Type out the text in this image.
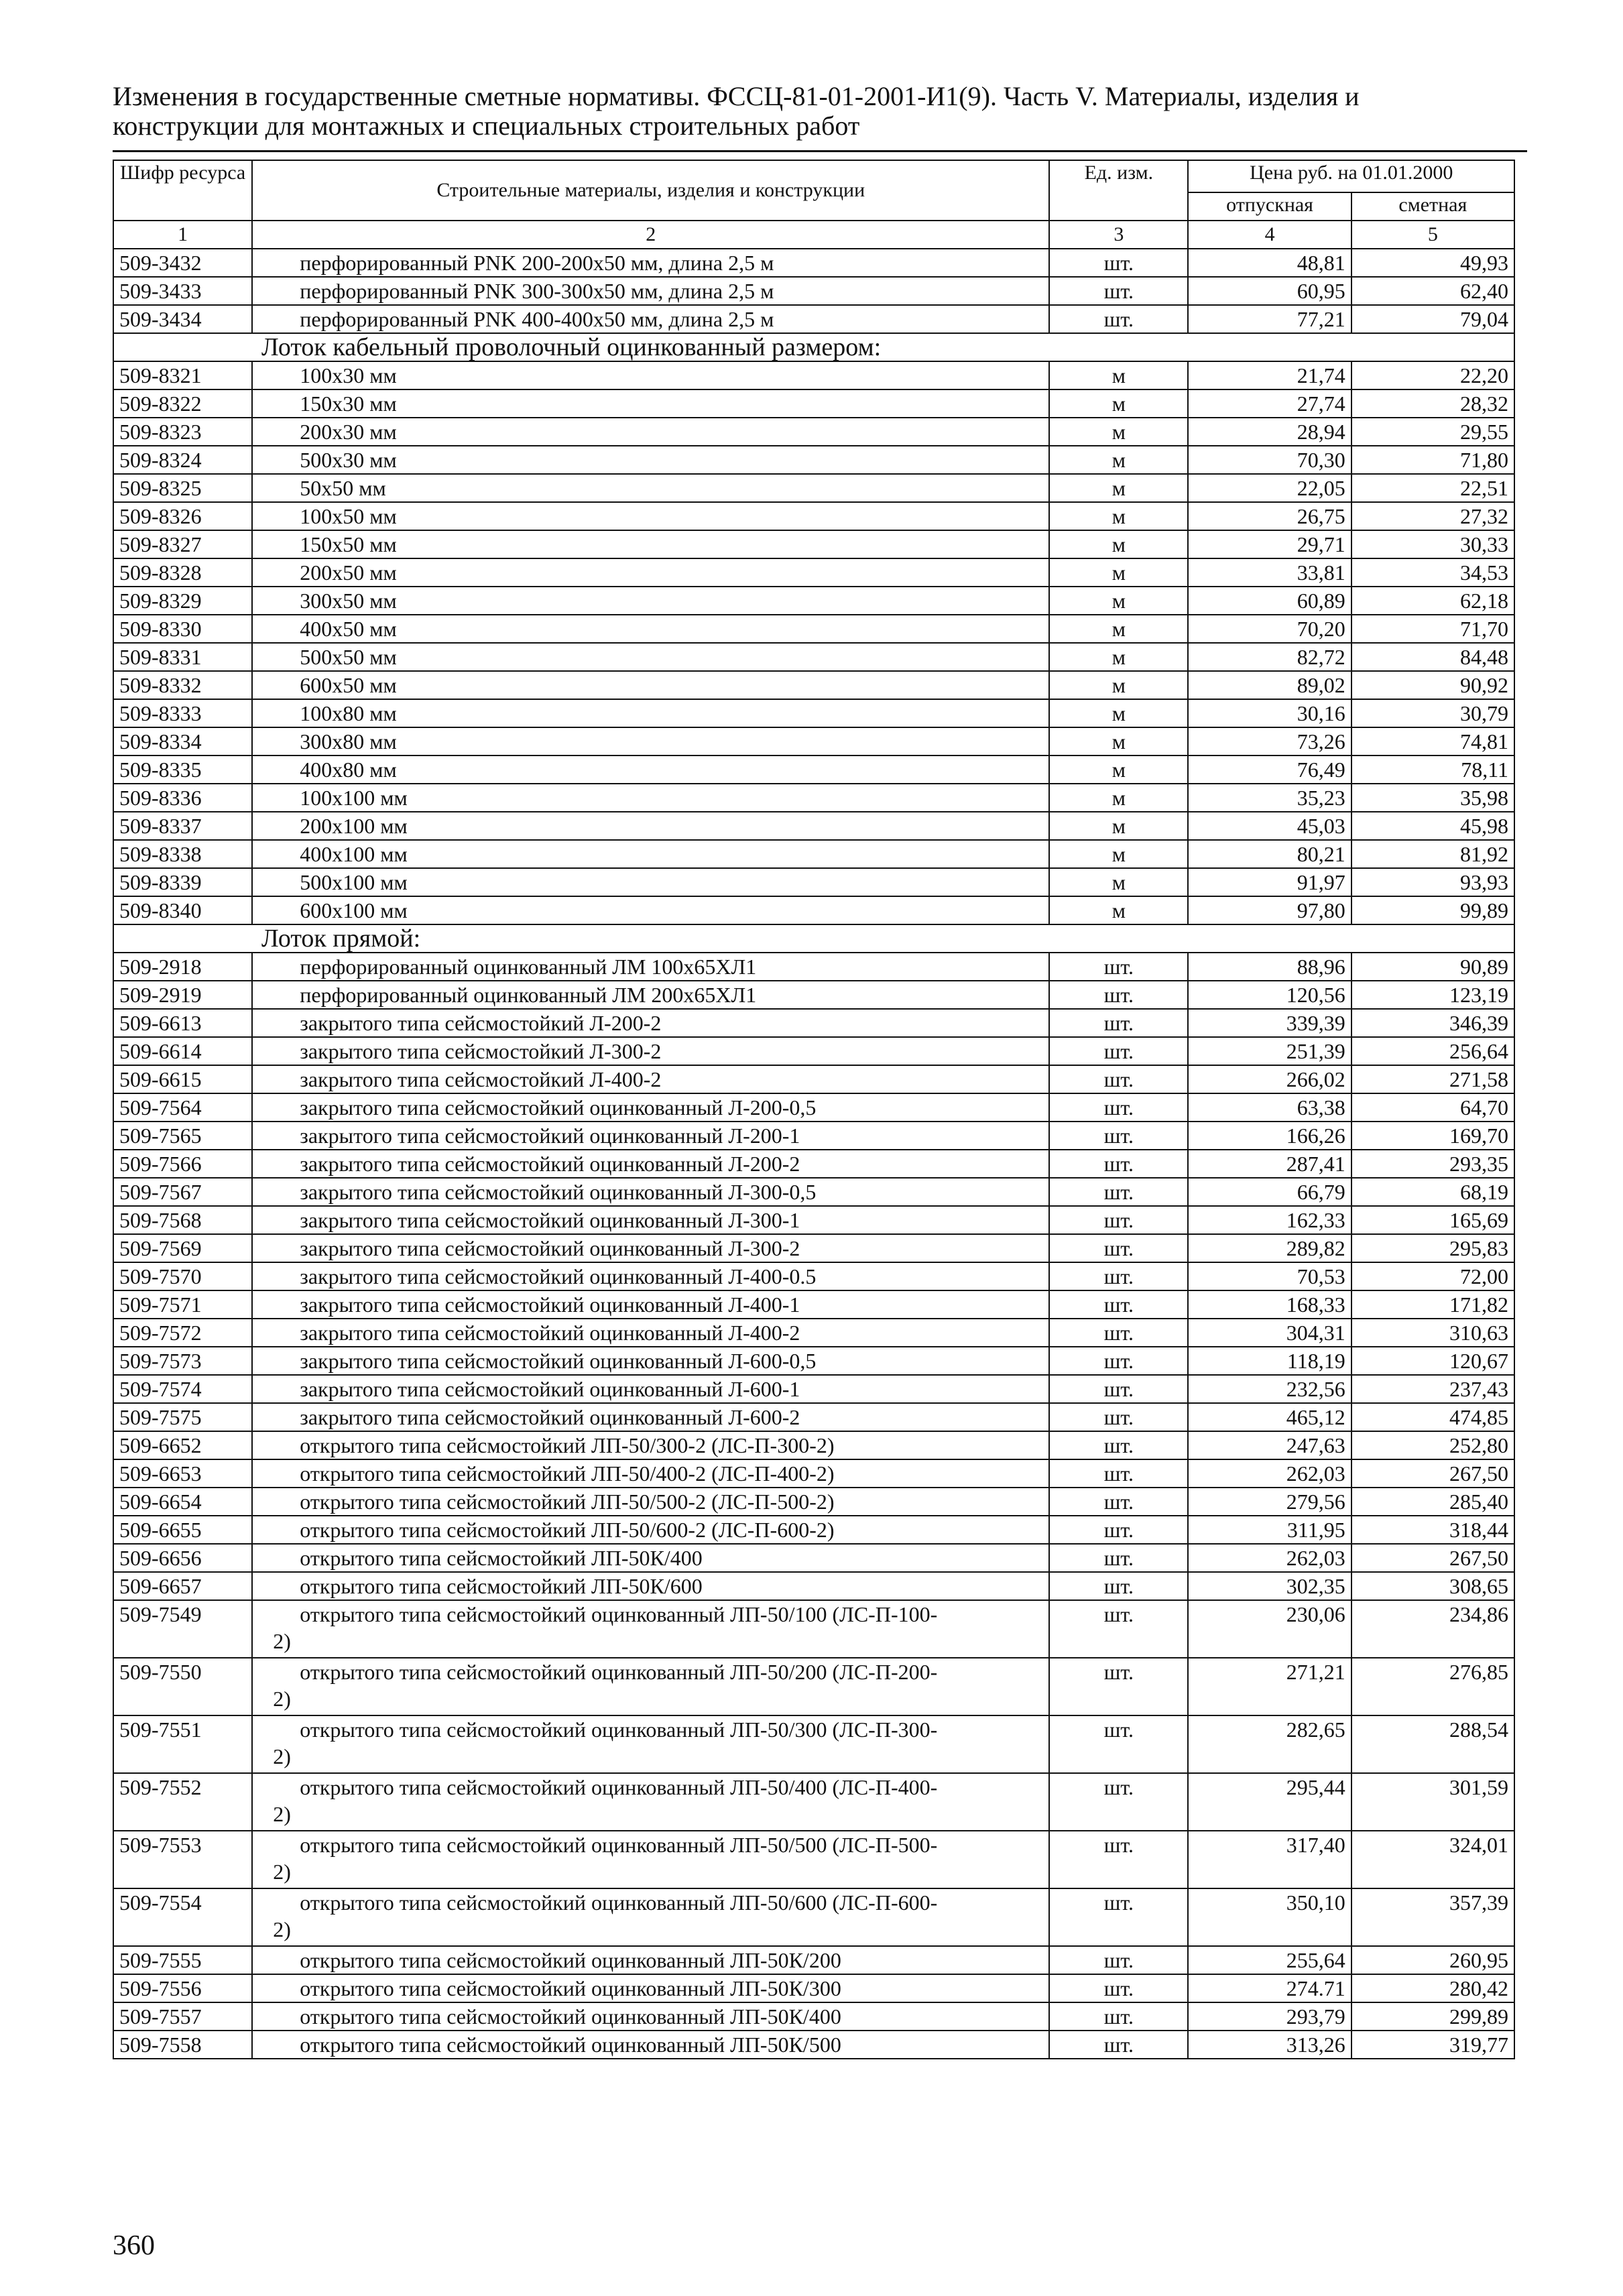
Изменения в государственные сметные нормативы. ФССЦ-81-01-2001-И1(9). Часть V. Материалы, изделия и
конструкции для монтажных и специальных строительных работ
Шифр ресурса	Строительные материалы, изделия и конструкции	Ед. изм.	Цена руб. на 01.01.2000	
			отпускная	сметная
1	2	3	4	5
509-3432	перфорированный PNK 200-200x50 мм, длина 2,5 м	шт.	48,81	49,93
509-3433	перфорированный PNK 300-300x50 мм, длина 2,5 м	шт.	60,95	62,40
509-3434	перфорированный PNK 400-400x50 мм, длина 2,5 м	шт.	77,21	79,04
Лоток кабельный проволочный оцинкованный размером:				
509-8321	100x30 мм	м	21,74	22,20
509-8322	150x30 мм	м	27,74	28,32
509-8323	200x30 мм	м	28,94	29,55
509-8324	500x30 мм	м	70,30	71,80
509-8325	50x50 мм	м	22,05	22,51
509-8326	100x50 мм	м	26,75	27,32
509-8327	150x50 мм	м	29,71	30,33
509-8328	200x50 мм	м	33,81	34,53
509-8329	300x50 мм	м	60,89	62,18
509-8330	400x50 мм	м	70,20	71,70
509-8331	500x50 мм	м	82,72	84,48
509-8332	600x50 мм	м	89,02	90,92
509-8333	100x80 мм	м	30,16	30,79
509-8334	300x80 мм	м	73,26	74,81
509-8335	400x80 мм	м	76,49	78,11
509-8336	100x100 мм	м	35,23	35,98
509-8337	200x100 мм	м	45,03	45,98
509-8338	400x100 мм	м	80,21	81,92
509-8339	500x100 мм	м	91,97	93,93
509-8340	600x100 мм	м	97,80	99,89
Лоток прямой:				
509-2918	перфорированный оцинкованный ЛМ 100x65ХЛ1	шт.	88,96	90,89
509-2919	перфорированный оцинкованный ЛМ 200x65ХЛ1	шт.	120,56	123,19
509-6613	закрытого типа сейсмостойкий Л-200-2	шт.	339,39	346,39
509-6614	закрытого типа сейсмостойкий Л-300-2	шт.	251,39	256,64
509-6615	закрытого типа сейсмостойкий Л-400-2	шт.	266,02	271,58
509-7564	закрытого типа сейсмостойкий оцинкованный Л-200-0,5	шт.	63,38	64,70
509-7565	закрытого типа сейсмостойкий оцинкованный Л-200-1	шт.	166,26	169,70
509-7566	закрытого типа сейсмостойкий оцинкованный Л-200-2	шт.	287,41	293,35
509-7567	закрытого типа сейсмостойкий оцинкованный Л-300-0,5	шт.	66,79	68,19
509-7568	закрытого типа сейсмостойкий оцинкованный Л-300-1	шт.	162,33	165,69
509-7569	закрытого типа сейсмостойкий оцинкованный Л-300-2	шт.	289,82	295,83
509-7570	закрытого типа сейсмостойкий оцинкованный Л-400-0.5	шт.	70,53	72,00
509-7571	закрытого типа сейсмостойкий оцинкованный Л-400-1	шт.	168,33	171,82
509-7572	закрытого типа сейсмостойкий оцинкованный Л-400-2	шт.	304,31	310,63
509-7573	закрытого типа сейсмостойкий оцинкованный Л-600-0,5	шт.	118,19	120,67
509-7574	закрытого типа сейсмостойкий оцинкованный Л-600-1	шт.	232,56	237,43
509-7575	закрытого типа сейсмостойкий оцинкованный Л-600-2	шт.	465,12	474,85
509-6652	открытого типа сейсмостойкий ЛП-50/300-2 (ЛС-П-300-2)	шт.	247,63	252,80
509-6653	открытого типа сейсмостойкий ЛП-50/400-2 (ЛС-П-400-2)	шт.	262,03	267,50
509-6654	открытого типа сейсмостойкий ЛП-50/500-2 (ЛС-П-500-2)	шт.	279,56	285,40
509-6655	открытого типа сейсмостойкий ЛП-50/600-2 (ЛС-П-600-2)	шт.	311,95	318,44
509-6656	открытого типа сейсмостойкий ЛП-50К/400	шт.	262,03	267,50
509-6657	открытого типа сейсмостойкий ЛП-50К/600	шт.	302,35	308,65
509-7549	открытого типа сейсмостойкий оцинкованный ЛП-50/100 (ЛС-П-100-
2)	шт.	230,06	234,86
509-7550	открытого типа сейсмостойкий оцинкованный ЛП-50/200 (ЛС-П-200-
2)	шт.	271,21	276,85
509-7551	открытого типа сейсмостойкий оцинкованный ЛП-50/300 (ЛС-П-300-
2)	шт.	282,65	288,54
509-7552	открытого типа сейсмостойкий оцинкованный ЛП-50/400 (ЛС-П-400-
2)	шт.	295,44	301,59
509-7553	открытого типа сейсмостойкий оцинкованный ЛП-50/500 (ЛС-П-500-
2)	шт.	317,40	324,01
509-7554	открытого типа сейсмостойкий оцинкованный ЛП-50/600 (ЛС-П-600-
2)	шт.	350,10	357,39
509-7555	открытого типа сейсмостойкий оцинкованный ЛП-50К/200	шт.	255,64	260,95
509-7556	открытого типа сейсмостойкий оцинкованный ЛП-50К/300	шт.	274.71	280,42
509-7557	открытого типа сейсмостойкий оцинкованный ЛП-50К/400	шт.	293,79	299,89
509-7558	открытого типа сейсмостойкий оцинкованный ЛП-50К/500	шт.	313,26	319,77
360
